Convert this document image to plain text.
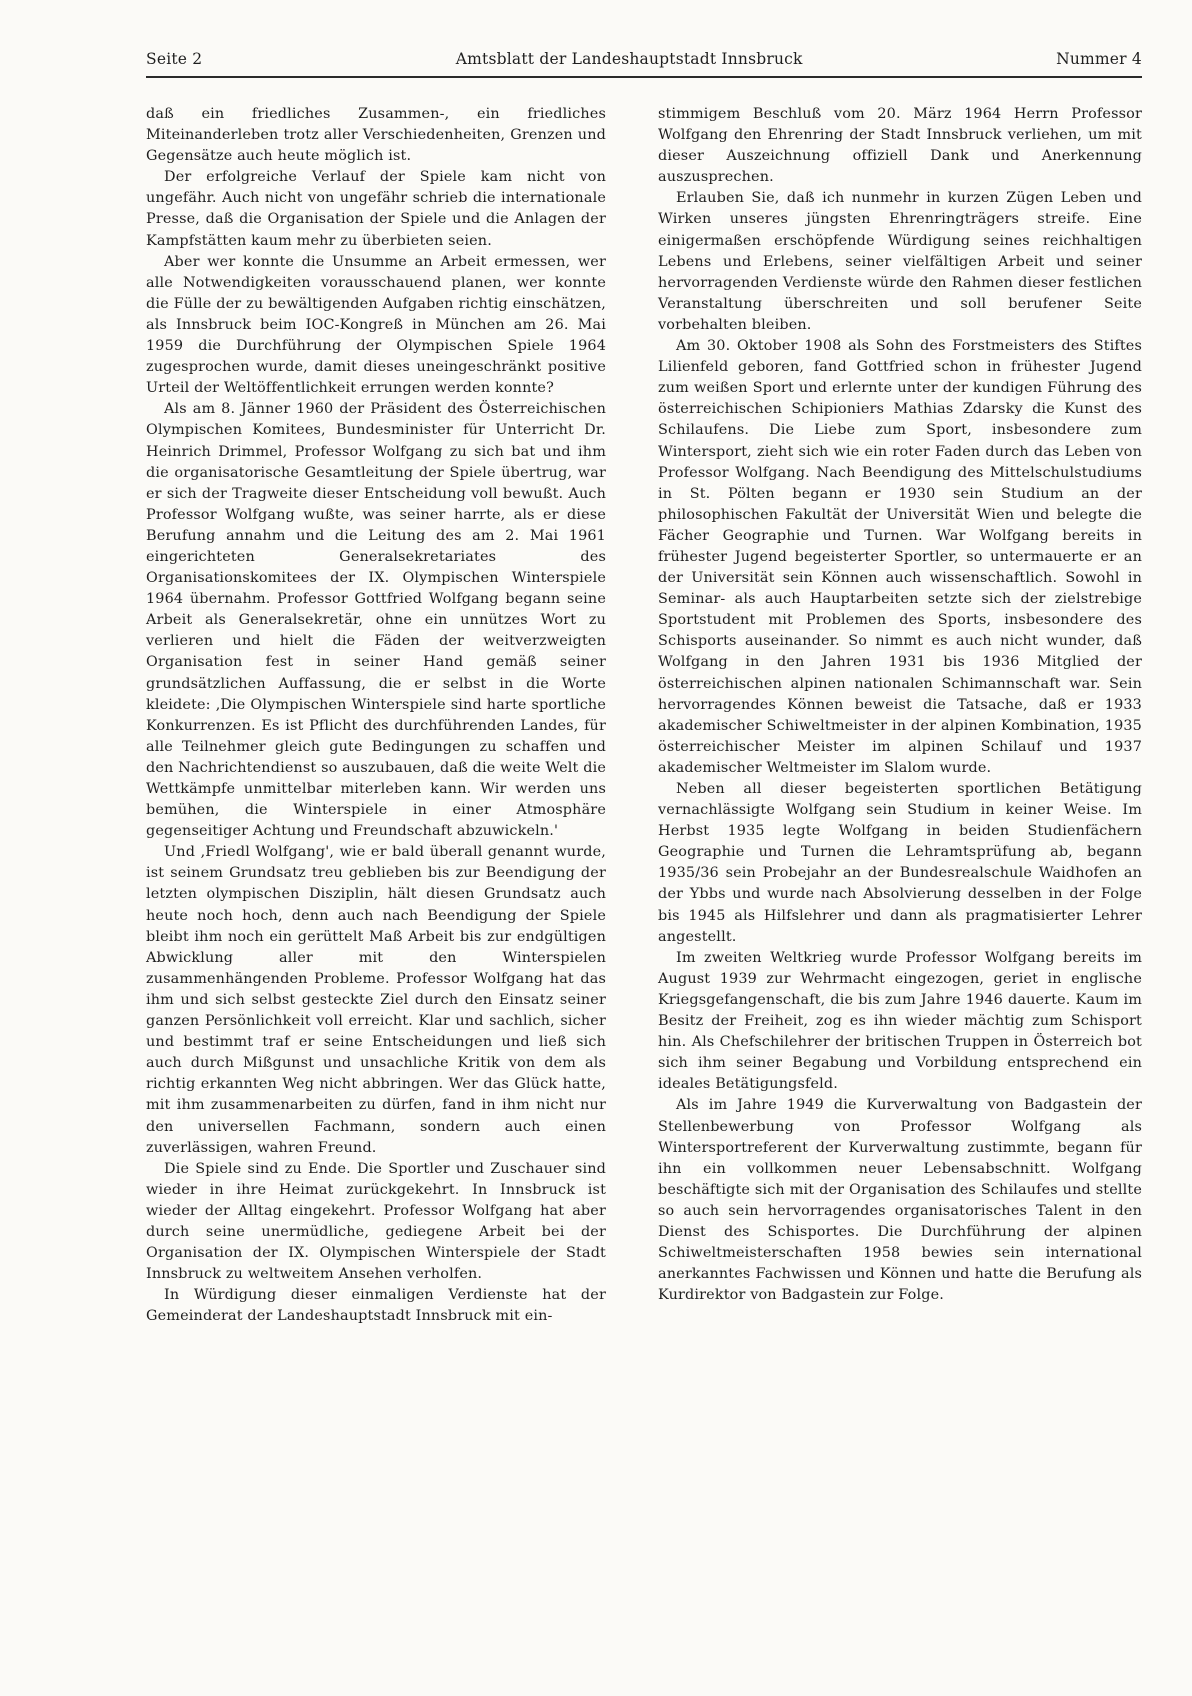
Seite 2	Amtsblatt der Landeshauptstadt Innsbruck	Nummer 4

daß ein friedliches Zusammen-, ein friedliches Miteinanderleben trotz aller Verschiedenheiten, Grenzen und Gegensätze auch heute möglich ist.

Der erfolgreiche Verlauf der Spiele kam nicht von ungefähr. Auch nicht von ungefähr schrieb die internationale Presse, daß die Organisation der Spiele und die Anlagen der Kampfstätten kaum mehr zu überbieten seien.

Aber wer konnte die Unsumme an Arbeit ermessen, wer alle Notwendigkeiten vorausschauend planen, wer konnte die Fülle der zu bewältigenden Aufgaben richtig einschätzen, als Innsbruck beim IOC-Kongreß in München am 26. Mai 1959 die Durchführung der Olympischen Spiele 1964 zugesprochen wurde, damit dieses uneingeschränkt positive Urteil der Weltöffentlichkeit errungen werden konnte?

Als am 8. Jänner 1960 der Präsident des Österreichischen Olympischen Komitees, Bundesminister für Unterricht Dr. Heinrich Drimmel, Professor Wolfgang zu sich bat und ihm die organisatorische Gesamtleitung der Spiele übertrug, war er sich der Tragweite dieser Entscheidung voll bewußt. Auch Professor Wolfgang wußte, was seiner harrte, als er diese Berufung annahm und die Leitung des am 2. Mai 1961 eingerichteten Generalsekretariates des Organisationskomitees der IX. Olympischen Winterspiele 1964 übernahm. Professor Gottfried Wolfgang begann seine Arbeit als Generalsekretär, ohne ein unnützes Wort zu verlieren und hielt die Fäden der weitverzweigten Organisation fest in seiner Hand gemäß seiner grundsätzlichen Auffassung, die er selbst in die Worte kleidete: ‚Die Olympischen Winterspiele sind harte sportliche Konkurrenzen. Es ist Pflicht des durchführenden Landes, für alle Teilnehmer gleich gute Bedingungen zu schaffen und den Nachrichtendienst so auszubauen, daß die weite Welt die Wettkämpfe unmittelbar miterleben kann. Wir werden uns bemühen, die Winterspiele in einer Atmosphäre gegenseitiger Achtung und Freundschaft abzuwickeln.'

Und ‚Friedl Wolfgang', wie er bald überall genannt wurde, ist seinem Grundsatz treu geblieben bis zur Beendigung der letzten olympischen Disziplin, hält diesen Grundsatz auch heute noch hoch, denn auch nach Beendigung der Spiele bleibt ihm noch ein gerüttelt Maß Arbeit bis zur endgültigen Abwicklung aller mit den Winterspielen zusammenhängenden Probleme. Professor Wolfgang hat das ihm und sich selbst gesteckte Ziel durch den Einsatz seiner ganzen Persönlichkeit voll erreicht. Klar und sachlich, sicher und bestimmt traf er seine Entscheidungen und ließ sich auch durch Mißgunst und unsachliche Kritik von dem als richtig erkannten Weg nicht abbringen. Wer das Glück hatte, mit ihm zusammenarbeiten zu dürfen, fand in ihm nicht nur den universellen Fachmann, sondern auch einen zuverlässigen, wahren Freund.

Die Spiele sind zu Ende. Die Sportler und Zuschauer sind wieder in ihre Heimat zurückgekehrt. In Innsbruck ist wieder der Alltag eingekehrt. Professor Wolfgang hat aber durch seine unermüdliche, gediegene Arbeit bei der Organisation der IX. Olympischen Winterspiele der Stadt Innsbruck zu weltweitem Ansehen verholfen.

In Würdigung dieser einmaligen Verdienste hat der Gemeinderat der Landeshauptstadt Innsbruck mit ein-

stimmigem Beschluß vom 20. März 1964 Herrn Professor Wolfgang den Ehrenring der Stadt Innsbruck verliehen, um mit dieser Auszeichnung offiziell Dank und Anerkennung auszusprechen.

Erlauben Sie, daß ich nunmehr in kurzen Zügen Leben und Wirken unseres jüngsten Ehrenringträgers streife. Eine einigermaßen erschöpfende Würdigung seines reichhaltigen Lebens und Erlebens, seiner vielfältigen Arbeit und seiner hervorragenden Verdienste würde den Rahmen dieser festlichen Veranstaltung überschreiten und soll berufener Seite vorbehalten bleiben.

Am 30. Oktober 1908 als Sohn des Forstmeisters des Stiftes Lilienfeld geboren, fand Gottfried schon in frühester Jugend zum weißen Sport und erlernte unter der kundigen Führung des österreichischen Schipioniers Mathias Zdarsky die Kunst des Schilaufens. Die Liebe zum Sport, insbesondere zum Wintersport, zieht sich wie ein roter Faden durch das Leben von Professor Wolfgang. Nach Beendigung des Mittelschulstudiums in St. Pölten begann er 1930 sein Studium an der philosophischen Fakultät der Universität Wien und belegte die Fächer Geographie und Turnen. War Wolfgang bereits in frühester Jugend begeisterter Sportler, so untermauerte er an der Universität sein Können auch wissenschaftlich. Sowohl in Seminar- als auch Hauptarbeiten setzte sich der zielstrebige Sportstudent mit Problemen des Sports, insbesondere des Schisports auseinander. So nimmt es auch nicht wunder, daß Wolfgang in den Jahren 1931 bis 1936 Mitglied der österreichischen alpinen nationalen Schimannschaft war. Sein hervorragendes Können beweist die Tatsache, daß er 1933 akademischer Schiweltmeister in der alpinen Kombination, 1935 österreichischer Meister im alpinen Schilauf und 1937 akademischer Weltmeister im Slalom wurde.

Neben all dieser begeisterten sportlichen Betätigung vernachlässigte Wolfgang sein Studium in keiner Weise. Im Herbst 1935 legte Wolfgang in beiden Studienfächern Geographie und Turnen die Lehramtsprüfung ab, begann 1935/36 sein Probejahr an der Bundesrealschule Waidhofen an der Ybbs und wurde nach Absolvierung desselben in der Folge bis 1945 als Hilfslehrer und dann als pragmatisierter Lehrer angestellt.

Im zweiten Weltkrieg wurde Professor Wolfgang bereits im August 1939 zur Wehrmacht eingezogen, geriet in englische Kriegsgefangenschaft, die bis zum Jahre 1946 dauerte. Kaum im Besitz der Freiheit, zog es ihn wieder mächtig zum Schisport hin. Als Chefschilehrer der britischen Truppen in Österreich bot sich ihm seiner Begabung und Vorbildung entsprechend ein ideales Betätigungsfeld.

Als im Jahre 1949 die Kurverwaltung von Badgastein der Stellenbewerbung von Professor Wolfgang als Wintersportreferent der Kurverwaltung zustimmte, begann für ihn ein vollkommen neuer Lebensabschnitt. Wolfgang beschäftigte sich mit der Organisation des Schilaufes und stellte so auch sein hervorragendes organisatorisches Talent in den Dienst des Schisportes. Die Durchführung der alpinen Schiweltmeisterschaften 1958 bewies sein international anerkanntes Fachwissen und Können und hatte die Berufung als Kurdirektor von Badgastein zur Folge.
